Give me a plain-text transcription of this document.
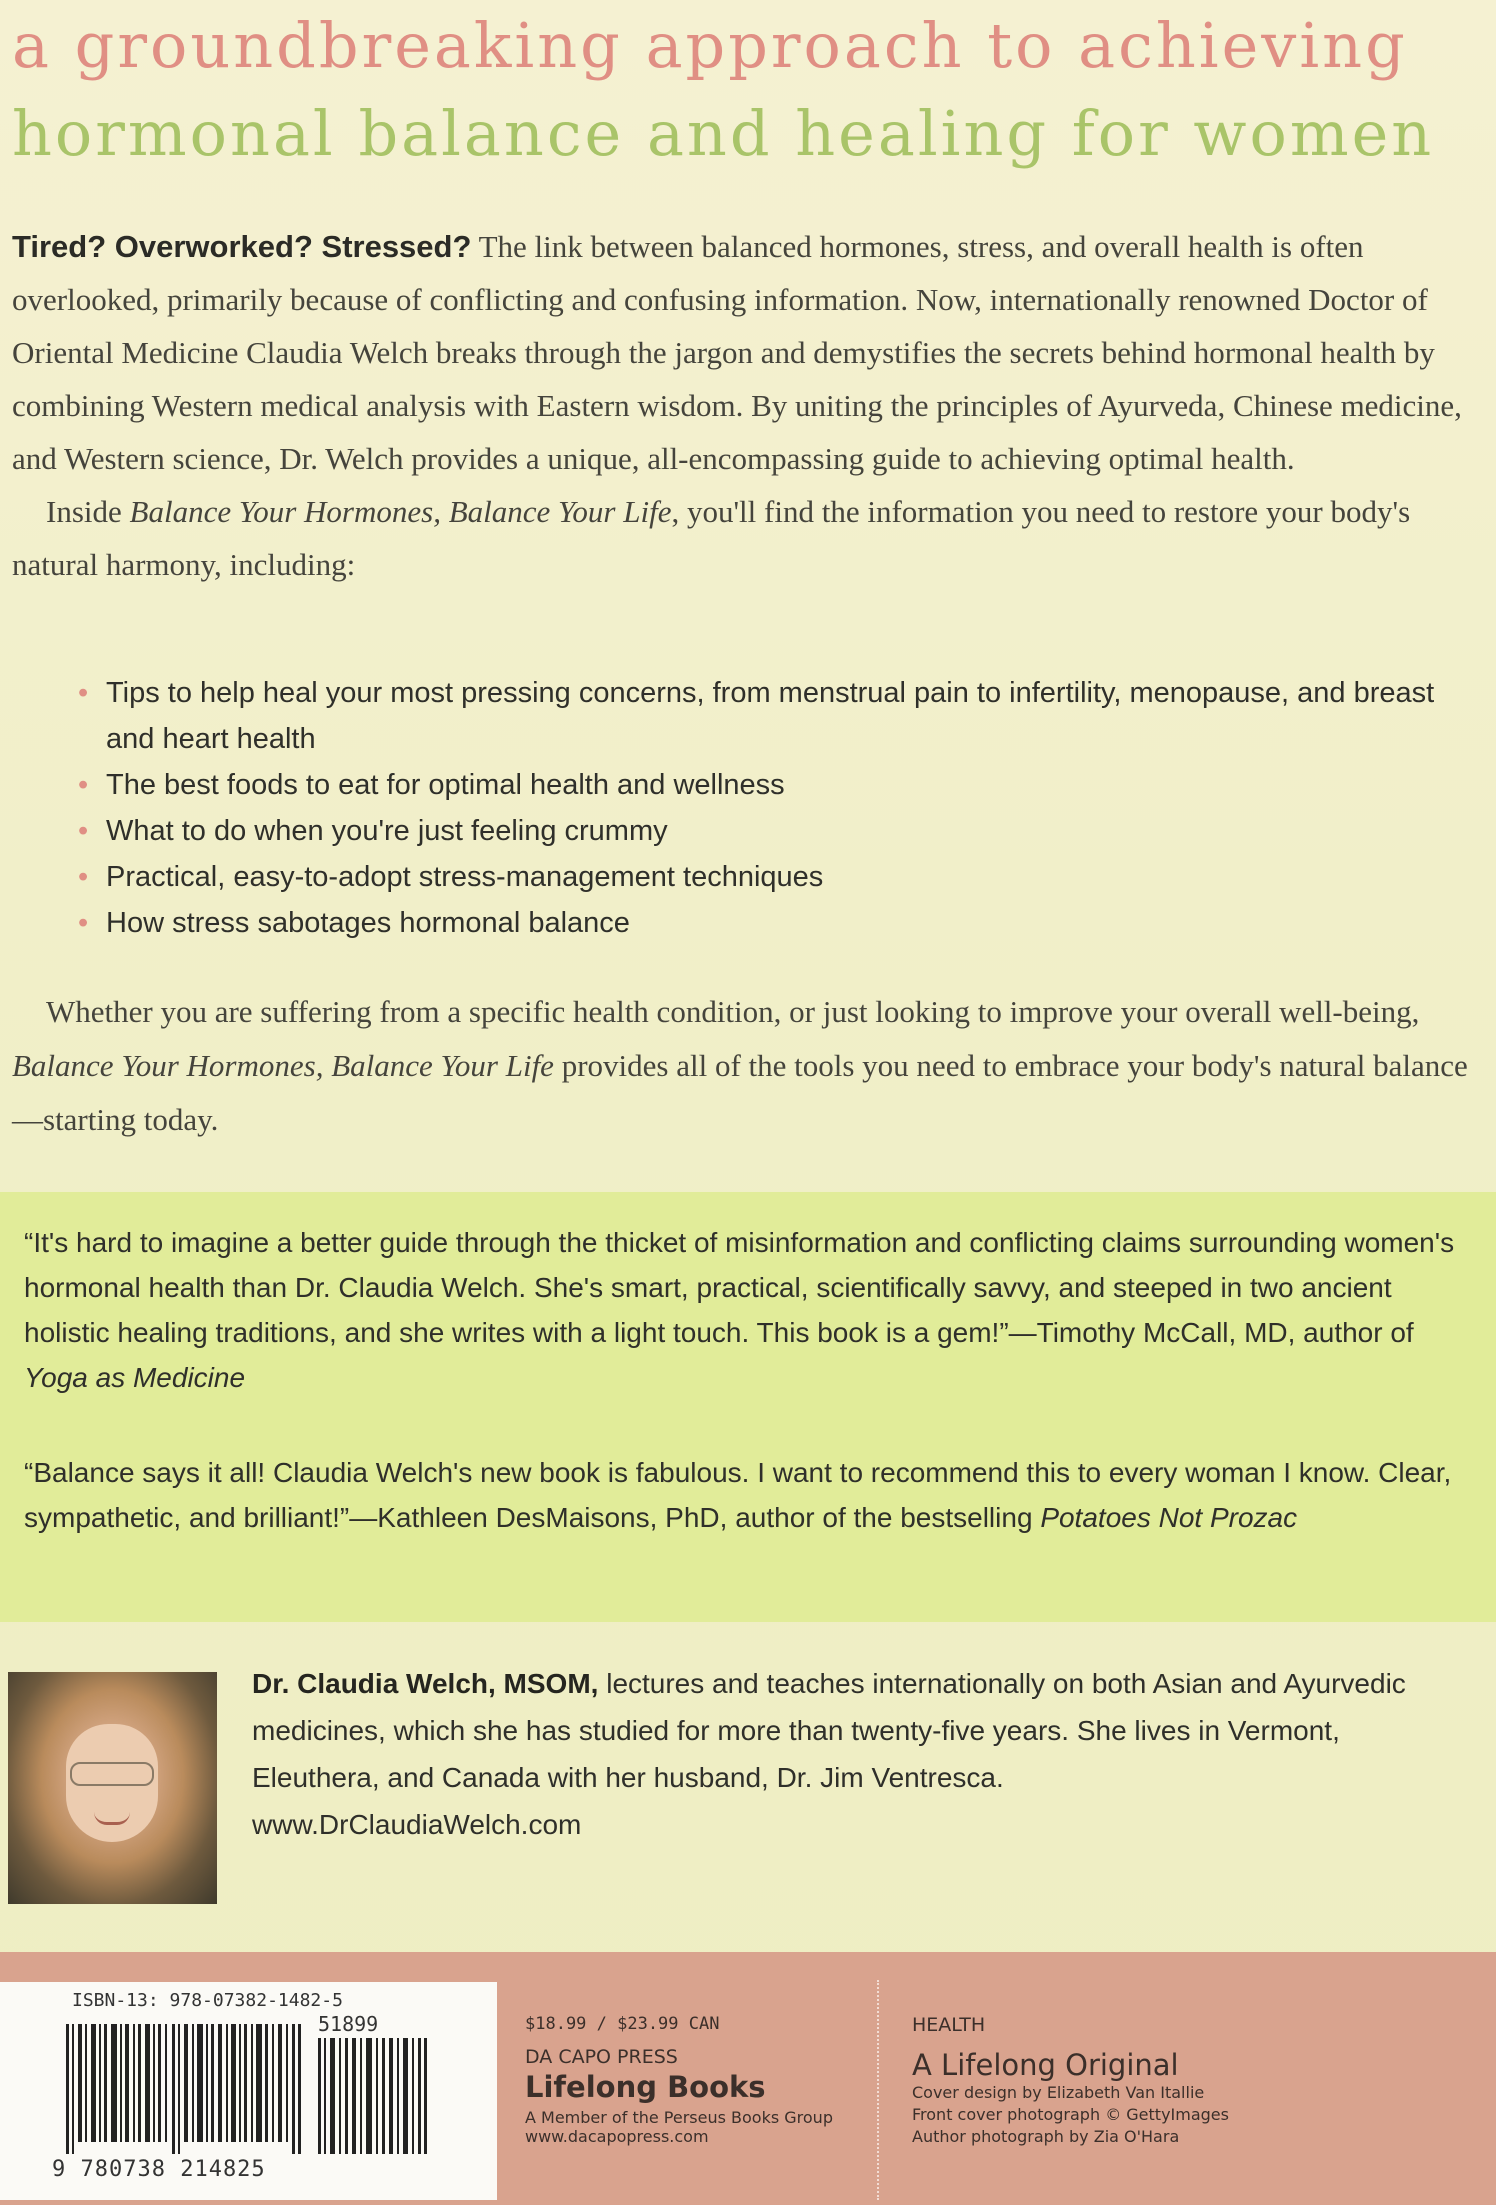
a groundbreaking approach to achieving
hormonal balance and healing for women

Tired? Overworked? Stressed? The link between balanced hormones, stress, and overall health is often overlooked, primarily because of conflicting and confusing information. Now, internationally renowned Doctor of Oriental Medicine Claudia Welch breaks through the jargon and demystifies the secrets behind hormonal health by combining Western medical analysis with Eastern wisdom. By uniting the principles of Ayurveda, Chinese medicine, and Western science, Dr. Welch provides a unique, all-encompassing guide to achieving optimal health.

Inside Balance Your Hormones, Balance Your Life, you'll find the information you need to restore your body's natural harmony, including:

• Tips to help heal your most pressing concerns, from menstrual pain to infertility, menopause, and breast and heart health
• The best foods to eat for optimal health and wellness
• What to do when you're just feeling crummy
• Practical, easy-to-adopt stress-management techniques
• How stress sabotages hormonal balance

Whether you are suffering from a specific health condition, or just looking to improve your overall well-being, Balance Your Hormones, Balance Your Life provides all of the tools you need to embrace your body's natural balance—starting today.

“It's hard to imagine a better guide through the thicket of misinformation and conflicting claims surrounding women's hormonal health than Dr. Claudia Welch. She's smart, practical, scientifically savvy, and steeped in two ancient holistic healing traditions, and she writes with a light touch. This book is a gem!”—Timothy McCall, MD, author of Yoga as Medicine

“Balance says it all! Claudia Welch's new book is fabulous. I want to recommend this to every woman I know. Clear, sympathetic, and brilliant!”—Kathleen DesMaisons, PhD, author of the bestselling Potatoes Not Prozac

Dr. Claudia Welch, MSOM, lectures and teaches internationally on both Asian and Ayurvedic medicines, which she has studied for more than twenty-five years. She lives in Vermont, Eleuthera, and Canada with her husband, Dr. Jim Ventresca.
www.DrClaudiaWelch.com

ISBN-13: 978-07382-1482-5
51899
9 780738 214825
$18.99 / $23.99 CAN
DA CAPO PRESS
Lifelong Books
A Member of the Perseus Books Group
www.dacapopress.com
HEALTH
A Lifelong Original
Cover design by Elizabeth Van Itallie
Front cover photograph © GettyImages
Author photograph by Zia O'Hara
